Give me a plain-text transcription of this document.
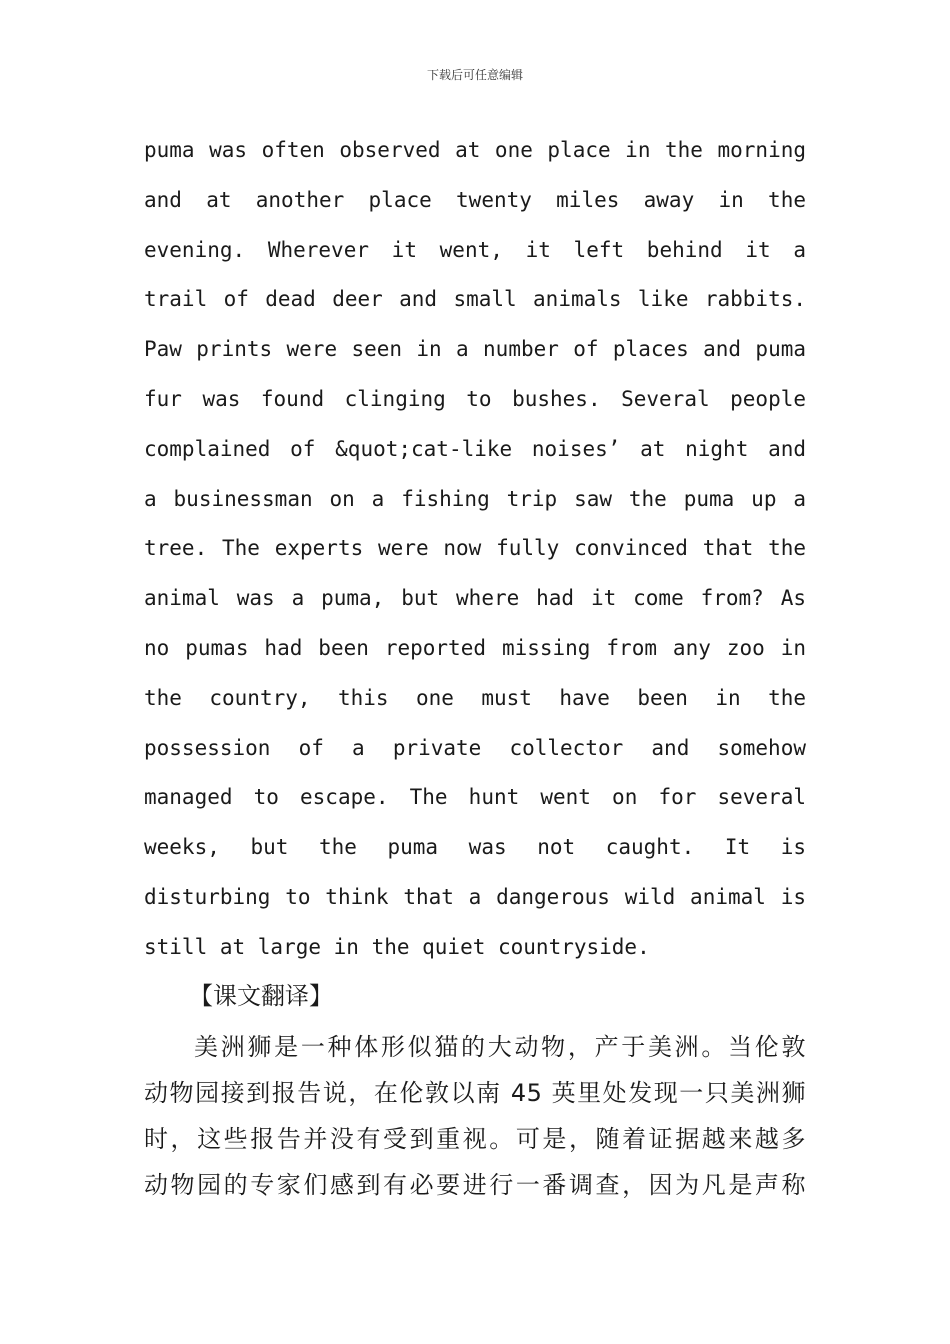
下载后可任意编辑
puma was often observed at one place in the morning
and at another place twenty miles away in the
evening. Wherever it went, it left behind it a
trail of dead deer and small animals like rabbits.
Paw prints were seen in a number of places and puma
fur was found clinging to bushes. Several people
complained of &quot;cat-like noises’ at night and
a businessman on a fishing trip saw the puma up a
tree. The experts were now fully convinced that the
animal was a puma, but where had it come from? As
no pumas had been reported missing from any zoo in
the country, this one must have been in the
possession of a private collector and somehow
managed to escape. The hunt went on for several
weeks, but the puma was not caught. It is
disturbing to think that a dangerous wild animal is
still at large in the quiet countryside.
【课文翻译】
美洲狮是一种体形似猫的大动物，产于美洲。当伦敦
动物园接到报告说，在伦敦以南 45 英里处发现一只美洲狮
时，这些报告并没有受到重视。可是，随着证据越来越多
动物园的专家们感到有必要进行一番调查，因为凡是声称
